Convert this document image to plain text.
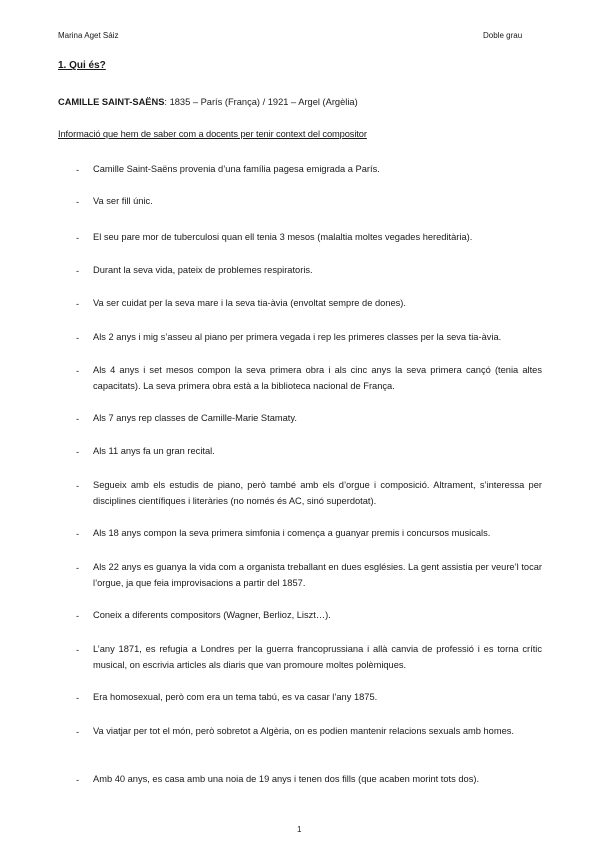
Marina Aget Sáiz	Doble grau
1. Qui és?
CAMILLE SAINT-SAËNS: 1835 – París (França) / 1921 – Argel (Argèlia)
Informació que hem de saber com a docents per tenir context del compositor
- Camille Saint-Saëns provenia d’una família pagesa emigrada a París.
- Va ser fill únic.
- El seu pare mor de tuberculosi quan ell tenia 3 mesos (malaltia moltes vegades hereditària).
- Durant la seva vida, pateix de problemes respiratoris.
- Va ser cuidat per la seva mare i la seva tia-àvia (envoltat sempre de dones).
- Als 2 anys i mig s’asseu al piano per primera vegada i rep les primeres classes per la seva tia-àvia.
- Als 4 anys i set mesos compon la seva primera obra i als cinc anys la seva primera cançó (tenia altes capacitats). La seva primera obra està a la biblioteca nacional de França.
- Als 7 anys rep classes de Camille-Marie Stamaty.
- Als 11 anys fa un gran recital.
- Segueix amb els estudis de piano, però també amb els d’orgue i composició. Altrament, s’interessa per disciplines científiques i literàries (no només és AC, sinó superdotat).
- Als 18 anys compon la seva primera simfonia i comença a guanyar premis i concursos musicals.
- Als 22 anys es guanya la vida com a organista treballant en dues esglésies. La gent assistia per veure’l tocar l’orgue, ja que feia improvisacions a partir del 1857.
- Coneix a diferents compositors (Wagner, Berlioz, Liszt…).
- L’any 1871, es refugia a Londres per la guerra francoprussiana i allà canvia de professió i es torna crític musical, on escrivia articles als diaris que van promoure moltes polèmiques.
- Era homosexual, però com era un tema tabú, es va casar l’any 1875.
- Va viatjar per tot el món, però sobretot a Algèria, on es podien mantenir relacions sexuals amb homes.
- Amb 40 anys, es casa amb una noia de 19 anys i tenen dos fills (que acaben morint tots dos).
1
